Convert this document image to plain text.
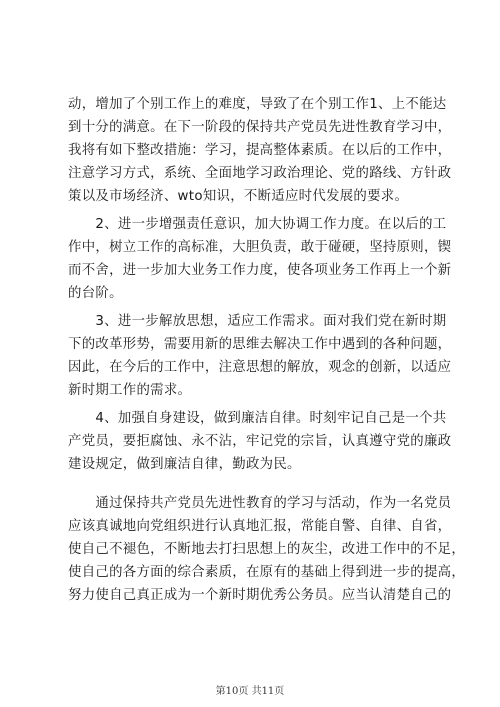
动，增加了个别工作上的难度，导致了在个别工作1、上不能达
到十分的满意。在下一阶段的保持共产党员先进性教育学习中，
我将有如下整改措施：学习，提高整体素质。在以后的工作中，
注意学习方式，系统、全面地学习政治理论、党的路线、方针政
策以及市场经济、wto知识，不断适应时代发展的要求。
　　2、进一步增强责任意识，加大协调工作力度。在以后的工
作中，树立工作的高标准，大胆负责，敢于碰硬，坚持原则，锲
而不舍，进一步加大业务工作力度，使各项业务工作再上一个新
的台阶。
　　3、进一步解放思想，适应工作需求。面对我们党在新时期
下的改革形势，需要用新的思维去解决工作中遇到的各种问题，
因此，在今后的工作中，注意思想的解放，观念的创新，以适应
新时期工作的需求。
　　4、加强自身建设，做到廉洁自律。时刻牢记自己是一个共
产党员，要拒腐蚀、永不沾，牢记党的宗旨，认真遵守党的廉政
建设规定，做到廉洁自律，勤政为民。
　　通过保持共产党员先进性教育的学习与活动，作为一名党员
应该真诚地向党组织进行认真地汇报，常能自警、自律、自省，
使自己不褪色，不断地去打扫思想上的灰尘，改进工作中的不足，
使自己的各方面的综合素质，在原有的基础上得到进一步的提高，
努力使自己真正成为一个新时期优秀公务员。应当认清楚自己的
第10页 共11页
